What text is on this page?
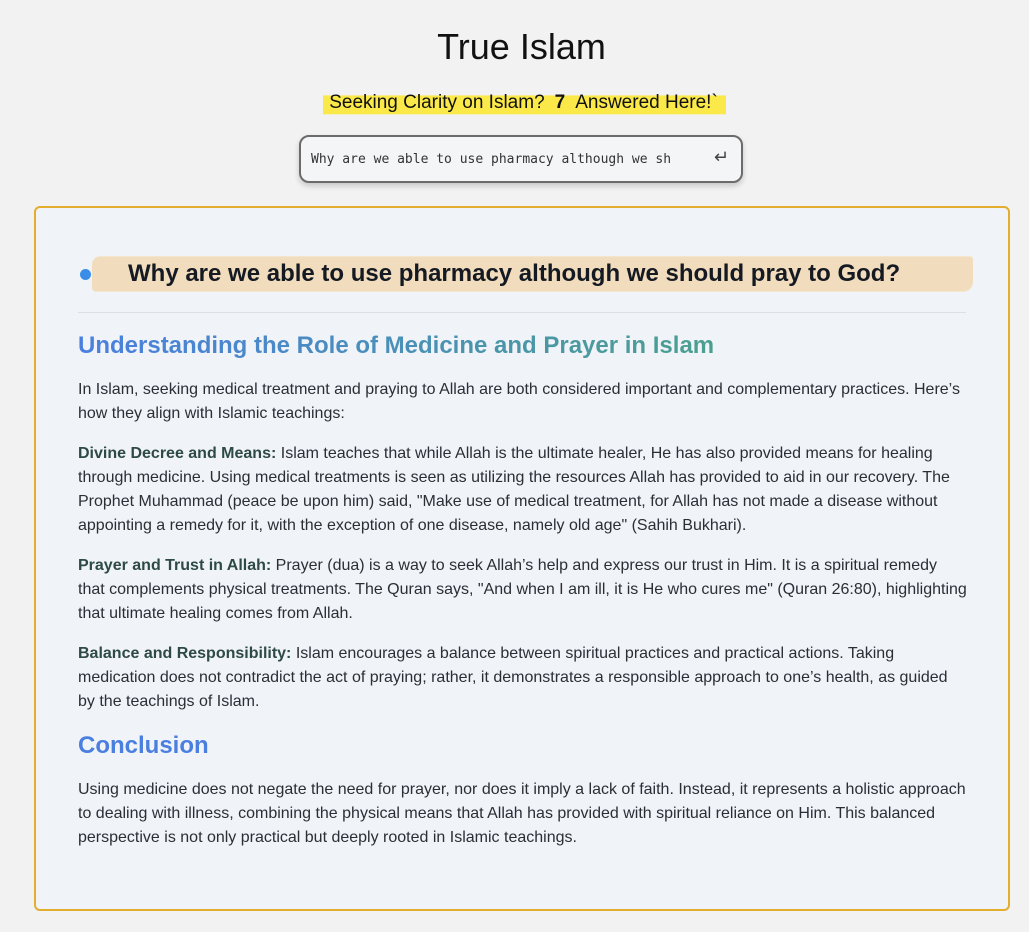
True Islam
Seeking Clarity on Islam? 7 Answered Here!`
Why are we able to use pharmacy although we sh
↵
Why are we able to use pharmacy although we should pray to God?
Understanding the Role of Medicine and Prayer in Islam

In Islam, seeking medical treatment and praying to Allah are both considered important and complementary practices. Here’s how they align with Islamic teachings:

Divine Decree and Means: Islam teaches that while Allah is the ultimate healer, He has also provided means for healing through medicine. Using medical treatments is seen as utilizing the resources Allah has provided to aid in our recovery. The Prophet Muhammad (peace be upon him) said, "Make use of medical treatment, for Allah has not made a disease without appointing a remedy for it, with the exception of one disease, namely old age" (Sahih Bukhari).

Prayer and Trust in Allah: Prayer (dua) is a way to seek Allah’s help and express our trust in Him. It is a spiritual remedy that complements physical treatments. The Quran says, "And when I am ill, it is He who cures me" (Quran 26:80), highlighting that ultimate healing comes from Allah.

Balance and Responsibility: Islam encourages a balance between spiritual practices and practical actions. Taking medication does not contradict the act of praying; rather, it demonstrates a responsible approach to one’s health, as guided by the teachings of Islam.

Conclusion

Using medicine does not negate the need for prayer, nor does it imply a lack of faith. Instead, it represents a holistic approach to dealing with illness, combining the physical means that Allah has provided with spiritual reliance on Him. This balanced perspective is not only practical but deeply rooted in Islamic teachings.
